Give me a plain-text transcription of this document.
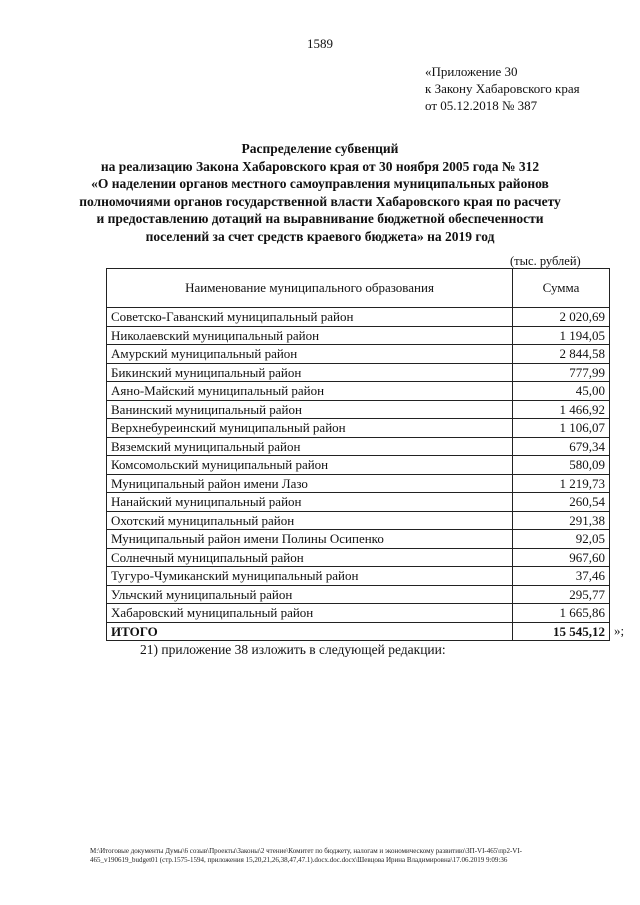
1589
«Приложение 30
к Закону Хабаровского края
от 05.12.2018 № 387
Распределение субвенций
на реализацию Закона Хабаровского края от 30 ноября 2005 года № 312
«О наделении органов местного самоуправления муниципальных районов
полномочиями органов государственной власти Хабаровского края по расчету
и предоставлению дотаций на выравнивание бюджетной обеспеченности
поселений за счет средств краевого бюджета» на 2019 год
(тыс. рублей)
Наименование муниципального образования	Сумма
Советско-Гаванский муниципальный район	2 020,69
Николаевский муниципальный район	1 194,05
Амурский муниципальный район	2 844,58
Бикинский муниципальный район	777,99
Аяно-Майский муниципальный район	45,00
Ванинский муниципальный район	1 466,92
Верхнебуреинский муниципальный район	1 106,07
Вяземский муниципальный район	679,34
Комсомольский муниципальный район	580,09
Муниципальный район имени Лазо	1 219,73
Нанайский муниципальный район	260,54
Охотский муниципальный район	291,38
Муниципальный район имени Полины Осипенко	92,05
Солнечный муниципальный район	967,60
Тугуро-Чумиканский муниципальный район	37,46
Ульчский муниципальный район	295,77
Хабаровский муниципальный район	1 665,86
ИТОГО	15 545,12 »;
21) приложение 38 изложить в следующей редакции:
М:\Итоговые документы Думы\6 созыв\Проекты\Законы\2 чтение\Комитет по бюджету, налогам и экономическому развитию\ЗП-VI-465\пр2-VI-
465_v190619_budget01 (стр.1575-1594, приложения 15,20,21,26,38,47,47.1).docx.doc.docx\Шевцова Ирина Владимировна\17.06.2019 9:09:36
